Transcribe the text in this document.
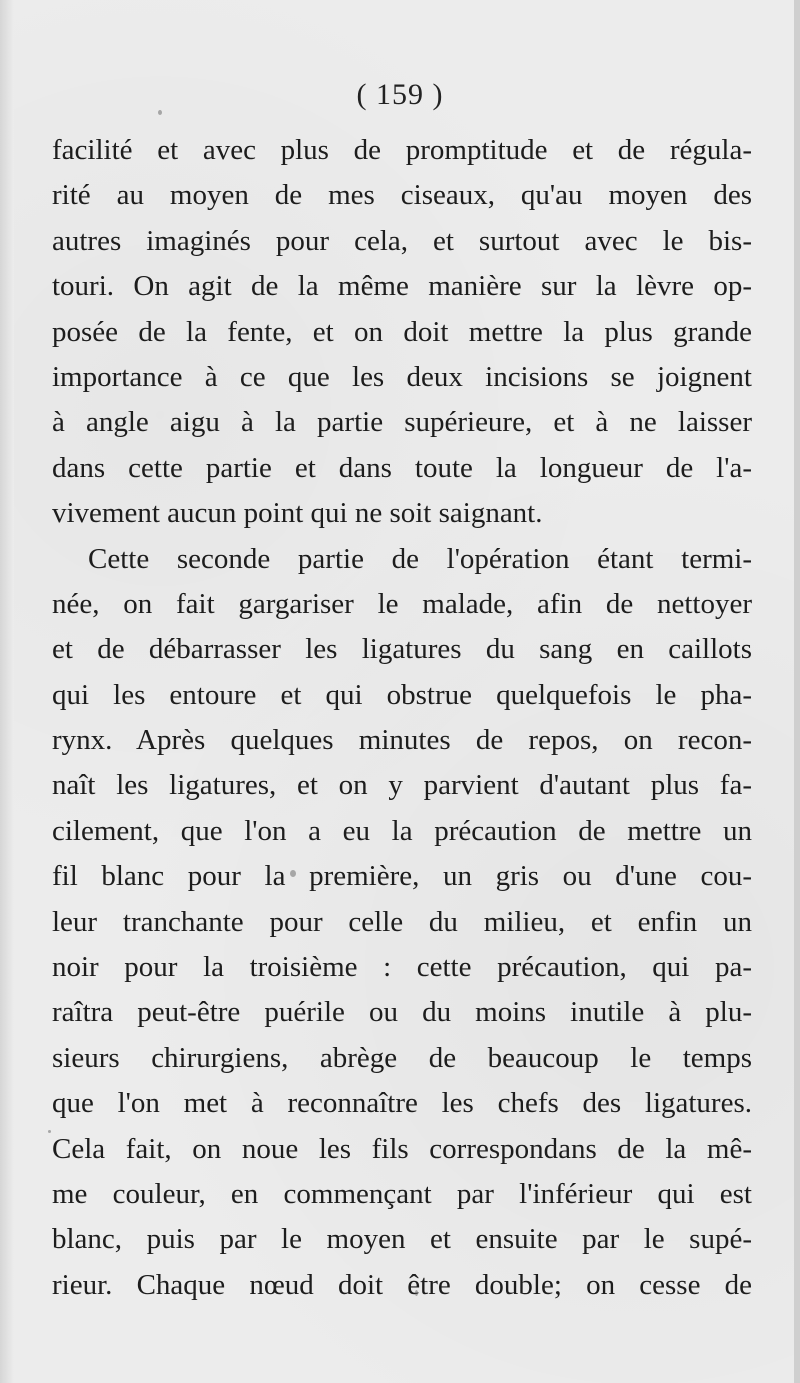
( 159 )
facilité et avec plus de promptitude et de régula-
rité au moyen de mes ciseaux, qu'au moyen des
autres imaginés pour cela, et surtout avec le bis-
touri. On agit de la même manière sur la lèvre op-
posée de la fente, et on doit mettre la plus grande
importance à ce que les deux incisions se joignent
à angle aigu à la partie supérieure, et à ne laisser
dans cette partie et dans toute la longueur de l'a-
vivement aucun point qui ne soit saignant.
Cette seconde partie de l'opération étant termi-
née, on fait gargariser le malade, afin de nettoyer
et de débarrasser les ligatures du sang en caillots
qui les entoure et qui obstrue quelquefois le pha-
rynx. Après quelques minutes de repos, on recon-
naît les ligatures, et on y parvient d'autant plus fa-
cilement, que l'on a eu la précaution de mettre un
fil blanc pour la première, un gris ou d'une cou-
leur tranchante pour celle du milieu, et enfin un
noir pour la troisième : cette précaution, qui pa-
raîtra peut-être puérile ou du moins inutile à plu-
sieurs chirurgiens, abrège de beaucoup le temps
que l'on met à reconnaître les chefs des ligatures.
Cela fait, on noue les fils correspondans de la mê-
me couleur, en commençant par l'inférieur qui est
blanc, puis par le moyen et ensuite par le supé-
rieur. Chaque nœud doit être double; on cesse de
